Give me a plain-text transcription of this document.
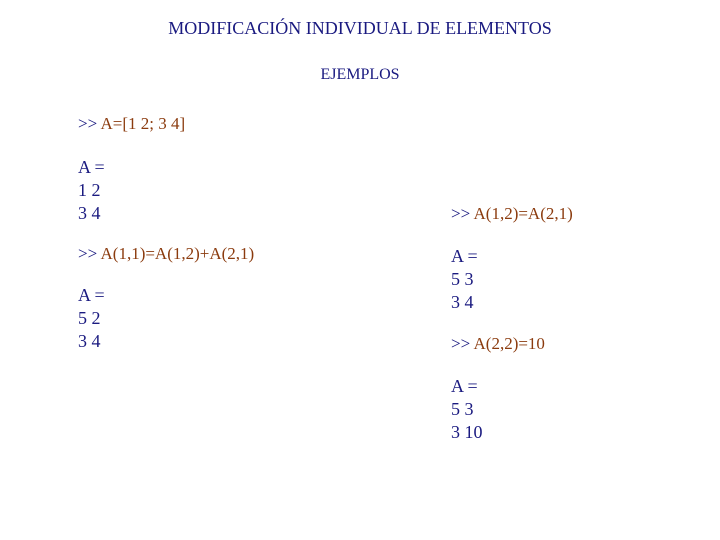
MODIFICACIÓN INDIVIDUAL DE ELEMENTOS
EJEMPLOS
>> A=[1 2; 3 4]
A =
1 2
3 4
>> A(1,1)=A(1,2)+A(2,1)
A =
5 2
3 4
>> A(1,2)=A(2,1)
A =
5 3
3 4
>> A(2,2)=10
A =
5 3
3 10
